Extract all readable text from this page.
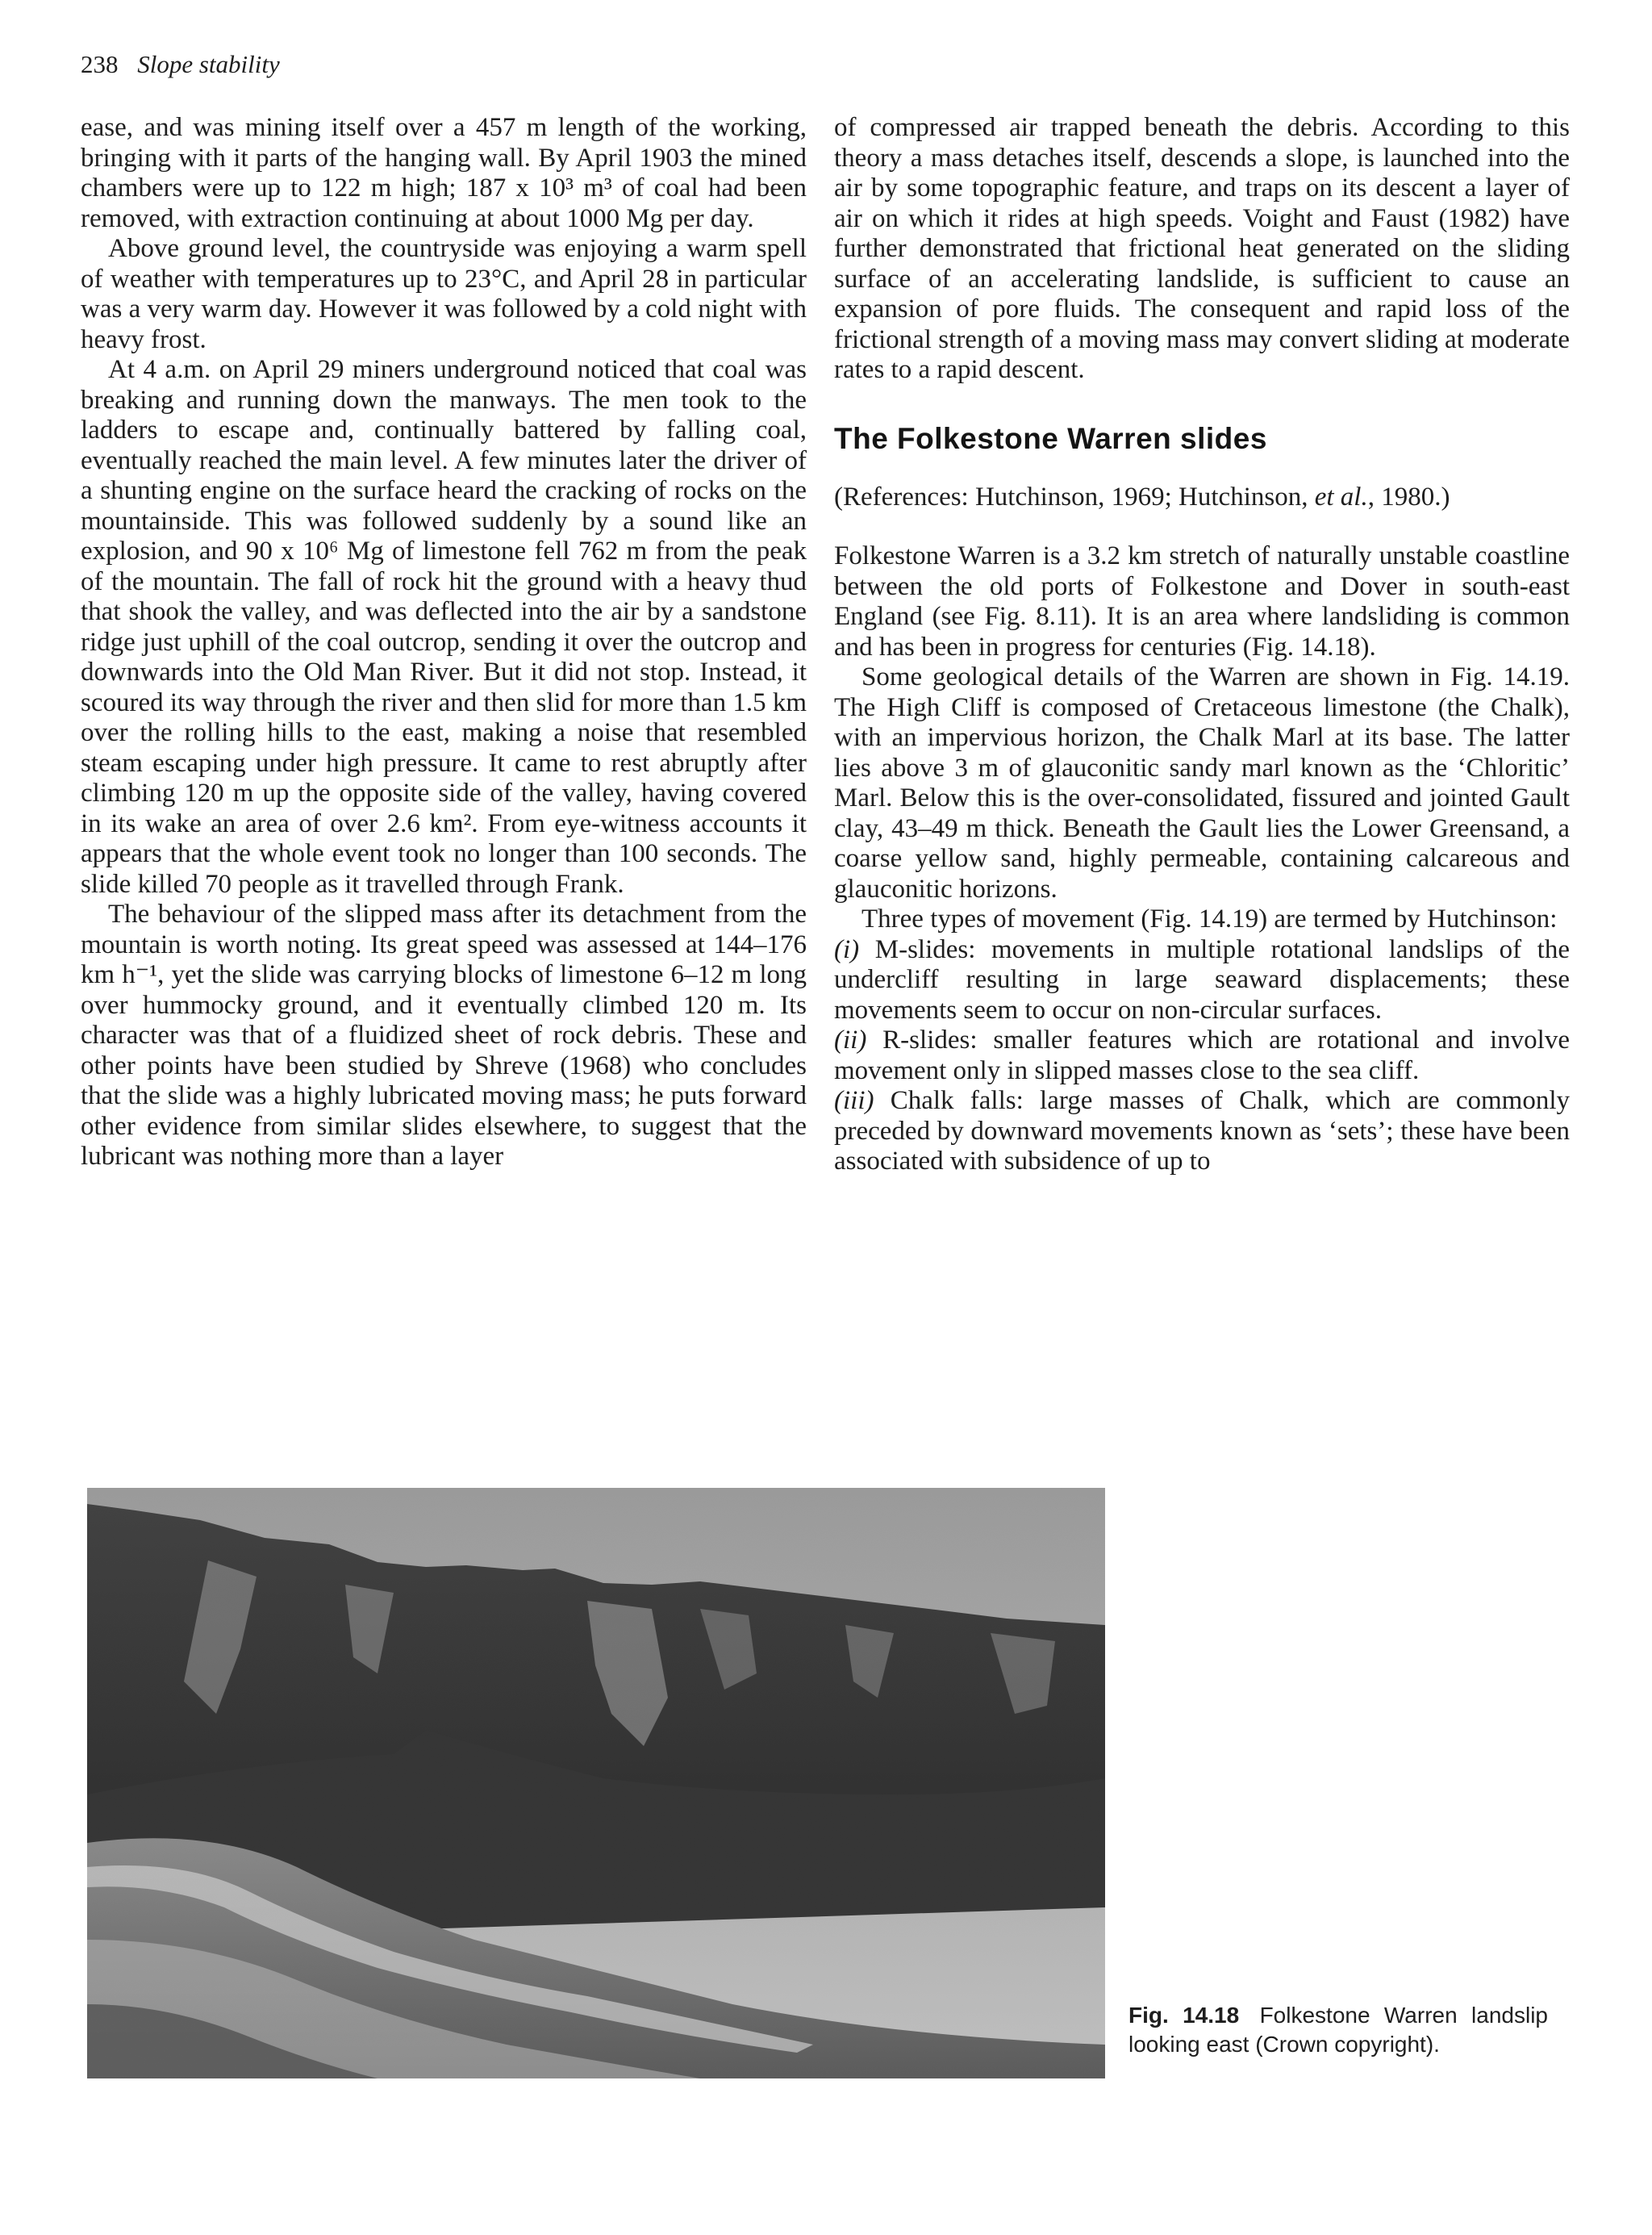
238 Slope stability

ease, and was mining itself over a 457 m length of the working, bringing with it parts of the hanging wall. By April 1903 the mined chambers were up to 122 m high; 187 x 10³ m³ of coal had been removed, with extraction continuing at about 1000 Mg per day.

Above ground level, the countryside was enjoying a warm spell of weather with temperatures up to 23°C, and April 28 in particular was a very warm day. However it was followed by a cold night with heavy frost.

At 4 a.m. on April 29 miners underground noticed that coal was breaking and running down the manways. The men took to the ladders to escape and, continually battered by falling coal, eventually reached the main level. A few minutes later the driver of a shunting engine on the surface heard the cracking of rocks on the mountainside. This was followed suddenly by a sound like an explosion, and 90 x 10⁶ Mg of limestone fell 762 m from the peak of the mountain. The fall of rock hit the ground with a heavy thud that shook the valley, and was deflected into the air by a sandstone ridge just uphill of the coal outcrop, sending it over the outcrop and downwards into the Old Man River. But it did not stop. Instead, it scoured its way through the river and then slid for more than 1.5 km over the rolling hills to the east, making a noise that resembled steam escaping under high pressure. It came to rest abruptly after climbing 120 m up the opposite side of the valley, having covered in its wake an area of over 2.6 km². From eye-witness accounts it appears that the whole event took no longer than 100 seconds. The slide killed 70 people as it travelled through Frank.

The behaviour of the slipped mass after its detachment from the mountain is worth noting. Its great speed was assessed at 144–176 km h⁻¹, yet the slide was carrying blocks of limestone 6–12 m long over hummocky ground, and it eventually climbed 120 m. Its character was that of a fluidized sheet of rock debris. These and other points have been studied by Shreve (1968) who concludes that the slide was a highly lubricated moving mass; he puts forward other evidence from similar slides elsewhere, to suggest that the lubricant was nothing more than a layer

of compressed air trapped beneath the debris. According to this theory a mass detaches itself, descends a slope, is launched into the air by some topographic feature, and traps on its descent a layer of air on which it rides at high speeds. Voight and Faust (1982) have further demonstrated that frictional heat generated on the sliding surface of an accelerating landslide, is sufficient to cause an expansion of pore fluids. The consequent and rapid loss of the frictional strength of a moving mass may convert sliding at moderate rates to a rapid descent.

The Folkestone Warren slides

(References: Hutchinson, 1969; Hutchinson, et al., 1980.)

Folkestone Warren is a 3.2 km stretch of naturally unstable coastline between the old ports of Folkestone and Dover in south-east England (see Fig. 8.11). It is an area where landsliding is common and has been in progress for centuries (Fig. 14.18).

Some geological details of the Warren are shown in Fig. 14.19. The High Cliff is composed of Cretaceous limestone (the Chalk), with an impervious horizon, the Chalk Marl at its base. The latter lies above 3 m of glauconitic sandy marl known as the ‘Chloritic’ Marl. Below this is the over-consolidated, fissured and jointed Gault clay, 43–49 m thick. Beneath the Gault lies the Lower Greensand, a coarse yellow sand, highly permeable, containing calcareous and glauconitic horizons.

Three types of movement (Fig. 14.19) are termed by Hutchinson:

(i) M-slides: movements in multiple rotational landslips of the undercliff resulting in large seaward displacements; these movements seem to occur on non-circular surfaces.

(ii) R-slides: smaller features which are rotational and involve movement only in slipped masses close to the sea cliff.

(iii) Chalk falls: large masses of Chalk, which are commonly preceded by downward movements known as ‘sets’; these have been associated with subsidence of up to

Fig. 14.18 Folkestone Warren landslip looking east (Crown copyright).
